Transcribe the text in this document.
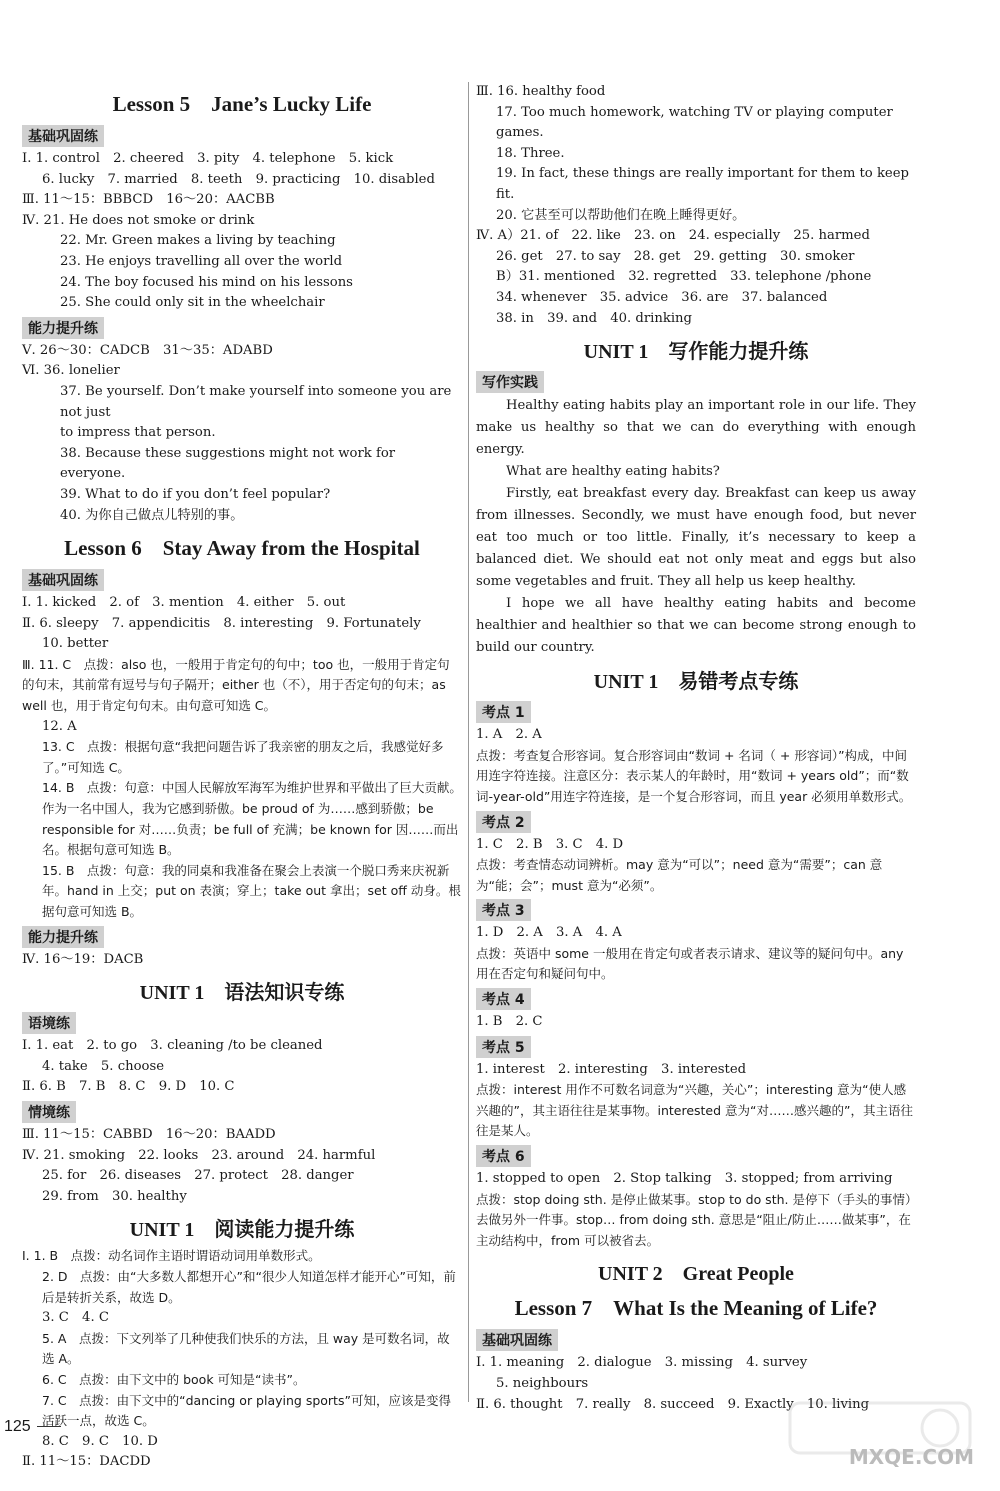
Lesson 5　Jane’s Lucky Life
基础巩固练
Ⅰ. 1. control　2. cheered　3. pity　4. telephone　5. kick
6. lucky　7. married　8. teeth　9. practicing　10. disabled
Ⅲ. 11～15：BBBCD　16～20：AACBB
Ⅳ. 21. He does not smoke or drink
22. Mr. Green makes a living by teaching
23. He enjoys travelling all over the world
24. The boy focused his mind on his lessons
25. She could only sit in the wheelchair
能力提升练
Ⅴ. 26～30：CADCB　31～35：ADABD
Ⅵ. 36. lonelier
37. Be yourself. Don’t make yourself into someone you are not just
to impress that person.
38. Because these suggestions might not work for everyone.
39. What to do if you don’t feel popular?
40. 为你自己做点儿特别的事。
Lesson 6　Stay Away from the Hospital
基础巩固练
Ⅰ. 1. kicked　2. of　3. mention　4. either　5. out
Ⅱ. 6. sleepy　7. appendicitis　8. interesting　9. Fortunately
10. better
Ⅲ. 11. C　点拨：also 也，一般用于肯定句的句中；too 也，一般用于肯定句的句末，其前常有逗号与句子隔开；either 也（不），用于否定句的句末；as well 也，用于肯定句句末。由句意可知选 C。
12. A
13. C　点拨：根据句意“我把问题告诉了我亲密的朋友之后，我感觉好多了。”可知选 C。
14. B　点拨：句意：中国人民解放军海军为维护世界和平做出了巨大贡献。作为一名中国人，我为它感到骄傲。be proud of 为……感到骄傲；be responsible for 对……负责；be full of 充满；be known for 因……而出名。根据句意可知选 B。
15. B　点拨：句意：我的同桌和我准备在聚会上表演一个脱口秀来庆祝新年。hand in 上交；put on 表演；穿上；take out 拿出；set off 动身。根据句意可知选 B。
能力提升练
Ⅳ. 16～19：DACB
UNIT 1　语法知识专练
语境练
Ⅰ. 1. eat　2. to go　3. cleaning /to be cleaned
4. take　5. choose
Ⅱ. 6. B　7. B　8. C　9. D　10. C
情境练
Ⅲ. 11～15：CABBD　16～20：BAADD
Ⅳ. 21. smoking　22. looks　23. around　24. harmful
25. for　26. diseases　27. protect　28. danger
29. from　30. healthy
UNIT 1　阅读能力提升练
Ⅰ. 1. B　点拨：动名词作主语时谓语动词用单数形式。
2. D　点拨：由“大多数人都想开心”和“很少人知道怎样才能开心”可知，前后是转折关系，故选 D。
3. C　4. C
5. A　点拨：下文列举了几种使我们快乐的方法，且 way 是可数名词，故选 A。
6. C　点拨：由下文中的 book 可知是“读书”。
7. C　点拨：由下文中的“dancing or playing sports”可知，应该是变得活跃一点，故选 C。
8. C　9. C　10. D
Ⅱ. 11～15：DACDD
Ⅲ. 16. healthy food
17. Too much homework, watching TV or playing computer games.
18. Three.
19. In fact, these things are really important for them to keep fit.
20. 它甚至可以帮助他们在晚上睡得更好。
Ⅳ. A）21. of　22. like　23. on　24. especially　25. harmed
26. get　27. to say　28. get　29. getting　30. smoker
B）31. mentioned　32. regretted　33. telephone /phone
34. whenever　35. advice　36. are　37. balanced
38. in　39. and　40. drinking
UNIT 1　写作能力提升练
写作实践
Healthy eating habits play an important role in our life. They make us healthy so that we can do everything with enough energy.
What are healthy eating habits?
Firstly, eat breakfast every day. Breakfast can keep us away from illnesses. Secondly, we must have enough food, but never eat too much or too little. Finally, it’s necessary to keep a balanced diet. We should eat not only meat and eggs but also some vegetables and fruit. They all help us keep healthy.
I hope we all have healthy eating habits and become healthier and healthier so that we can become strong enough to build our country.
UNIT 1　易错考点专练
考点 1
1. A　2. A
点拨：考查复合形容词。复合形容词由“数词 + 名词（ + 形容词）”构成，中间用连字符连接。注意区分：表示某人的年龄时，用“数词 + years old”；而“数词-year-old”用连字符连接，是一个复合形容词，而且 year 必须用单数形式。
考点 2
1. C　2. B　3. C　4. D
点拨：考查情态动词辨析。may 意为“可以”；need 意为“需要”；can 意为“能；会”；must 意为“必须”。
考点 3
1. D　2. A　3. A　4. A
点拨：英语中 some 一般用在肯定句或者表示请求、建议等的疑问句中。any 用在否定句和疑问句中。
考点 4
1. B　2. C
考点 5
1. interest　2. interesting　3. interested
点拨：interest 用作不可数名词意为“兴趣，关心”；interesting 意为“使人感兴趣的”，其主语往往是某事物。interested 意为“对……感兴趣的”，其主语往往是某人。
考点 6
1. stopped to open　2. Stop talking　3. stopped; from arriving
点拨：stop doing sth. 是停止做某事。stop to do sth. 是停下（手头的事情）去做另外一件事。stop… from doing sth. 意思是“阻止/防止……做某事”，在主动结构中，from 可以被省去。
UNIT 2　Great People
Lesson 7　What Is the Meaning of Life?
基础巩固练
Ⅰ. 1. meaning　2. dialogue　3. missing　4. survey
5. neighbours
Ⅱ. 6. thought　7. really　8. succeed　9. Exactly　10. living
125
MXQE.COM
